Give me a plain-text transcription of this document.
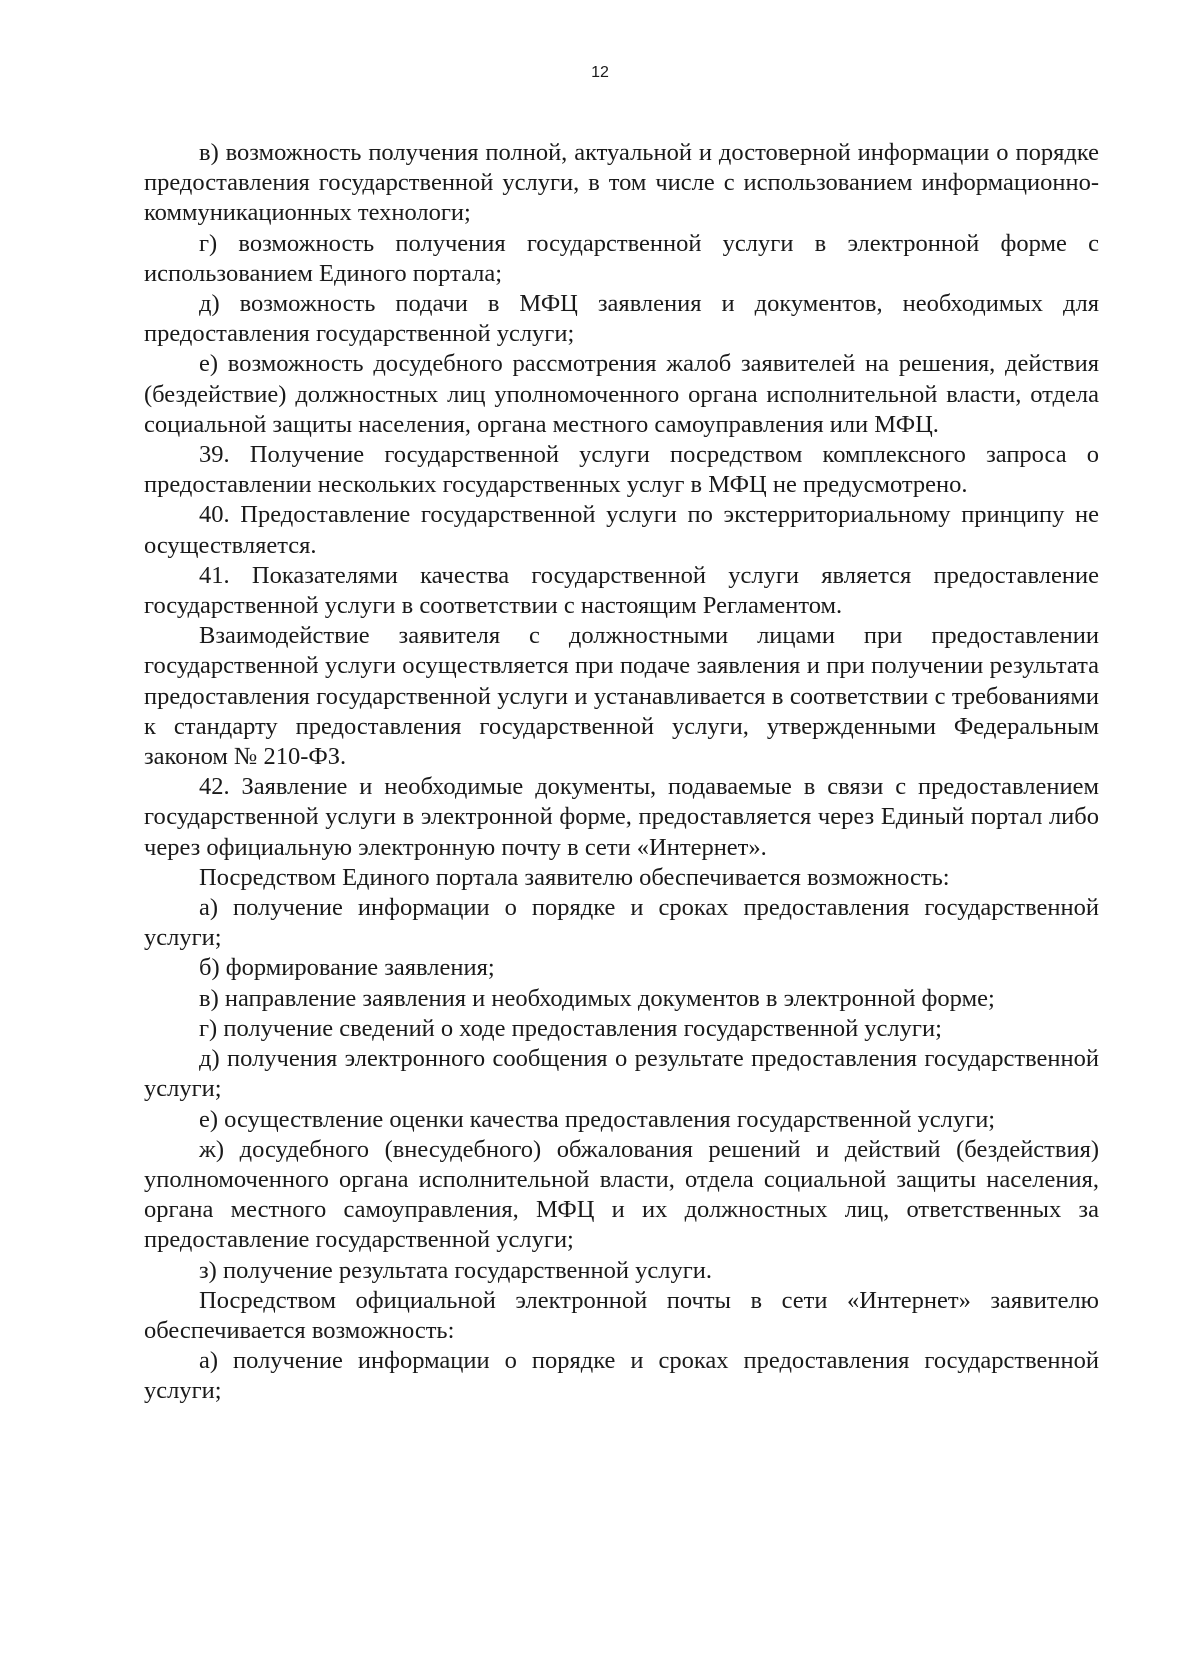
12

в) возможность получения полной, актуальной и достоверной информации о порядке предоставления государственной услуги, в том числе с использованием информационно-коммуникационных технологи;

г) возможность получения государственной услуги в электронной форме с использованием Единого портала;

д) возможность подачи в МФЦ заявления и документов, необходимых для предоставления государственной услуги;

е) возможность досудебного рассмотрения жалоб заявителей на решения, действия (бездействие) должностных лиц уполномоченного органа исполнительной власти, отдела социальной защиты населения, органа местного самоуправления или МФЦ.

39. Получение государственной услуги посредством комплексного запроса о предоставлении нескольких государственных услуг в МФЦ не предусмотрено.

40. Предоставление государственной услуги по экстерриториальному принципу не осуществляется.

41. Показателями качества государственной услуги является предоставление государственной услуги в соответствии с настоящим Регламентом.

Взаимодействие заявителя с должностными лицами при предоставлении государственной услуги осуществляется при подаче заявления и при получении результата предоставления государственной услуги и устанавливается в соответствии с требованиями к стандарту предоставления государственной услуги, утвержденными Федеральным законом № 210-ФЗ.

42. Заявление и необходимые документы, подаваемые в связи с предоставлением государственной услуги в электронной форме, предоставляется через Единый портал либо через официальную электронную почту в сети «Интернет».

Посредством Единого портала заявителю обеспечивается возможность:

а) получение информации о порядке и сроках предоставления государственной услуги;

б) формирование заявления;

в) направление заявления и необходимых документов в электронной форме;

г) получение сведений о ходе предоставления государственной услуги;

д) получения электронного сообщения о результате предоставления государственной услуги;

е) осуществление оценки качества предоставления государственной услуги;

ж) досудебного (внесудебного) обжалования решений и действий (бездействия) уполномоченного органа исполнительной власти, отдела социальной защиты населения, органа местного самоуправления, МФЦ и их должностных лиц, ответственных за предоставление государственной услуги;

з) получение результата государственной услуги.

Посредством официальной электронной почты в сети «Интернет» заявителю обеспечивается возможность:

а) получение информации о порядке и сроках предоставления государственной услуги;
